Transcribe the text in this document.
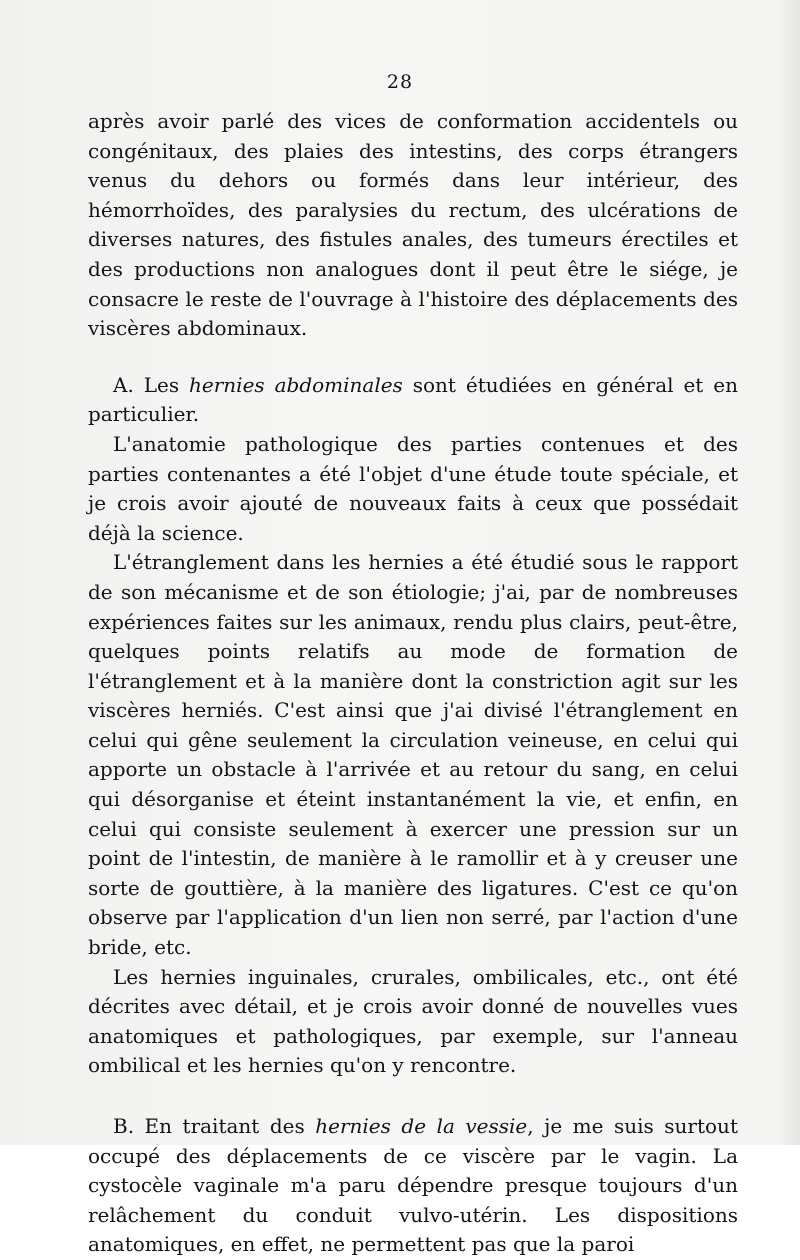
28

après avoir parlé des vices de conformation accidentels ou congénitaux, des plaies des intestins, des corps étrangers venus du dehors ou formés dans leur intérieur, des hémorrhoïdes, des paralysies du rectum, des ulcérations de diverses natures, des fistules anales, des tumeurs érectiles et des productions non analogues dont il peut être le siége, je consacre le reste de l'ouvrage à l'histoire des déplacements des viscères abdominaux.

A. Les hernies abdominales sont étudiées en général et en particulier.

L'anatomie pathologique des parties contenues et des parties contenantes a été l'objet d'une étude toute spéciale, et je crois avoir ajouté de nouveaux faits à ceux que possédait déjà la science.

L'étranglement dans les hernies a été étudié sous le rapport de son mécanisme et de son étiologie; j'ai, par de nombreuses expériences faites sur les animaux, rendu plus clairs, peut-être, quelques points relatifs au mode de formation de l'étranglement et à la manière dont la constriction agit sur les viscères herniés. C'est ainsi que j'ai divisé l'étranglement en celui qui gêne seulement la circulation veineuse, en celui qui apporte un obstacle à l'arrivée et au retour du sang, en celui qui désorganise et éteint instantanément la vie, et enfin, en celui qui consiste seulement à exercer une pression sur un point de l'intestin, de manière à le ramollir et à y creuser une sorte de gouttière, à la manière des ligatures. C'est ce qu'on observe par l'application d'un lien non serré, par l'action d'une bride, etc.

Les hernies inguinales, crurales, ombilicales, etc., ont été décrites avec détail, et je crois avoir donné de nouvelles vues anatomiques et pathologiques, par exemple, sur l'anneau ombilical et les hernies qu'on y rencontre.

B. En traitant des hernies de la vessie, je me suis surtout occupé des déplacements de ce viscère par le vagin. La cystocèle vaginale m'a paru dépendre presque toujours d'un relâchement du conduit vulvo-utérin. Les dispositions anatomiques, en effet, ne permettent pas que la paroi
